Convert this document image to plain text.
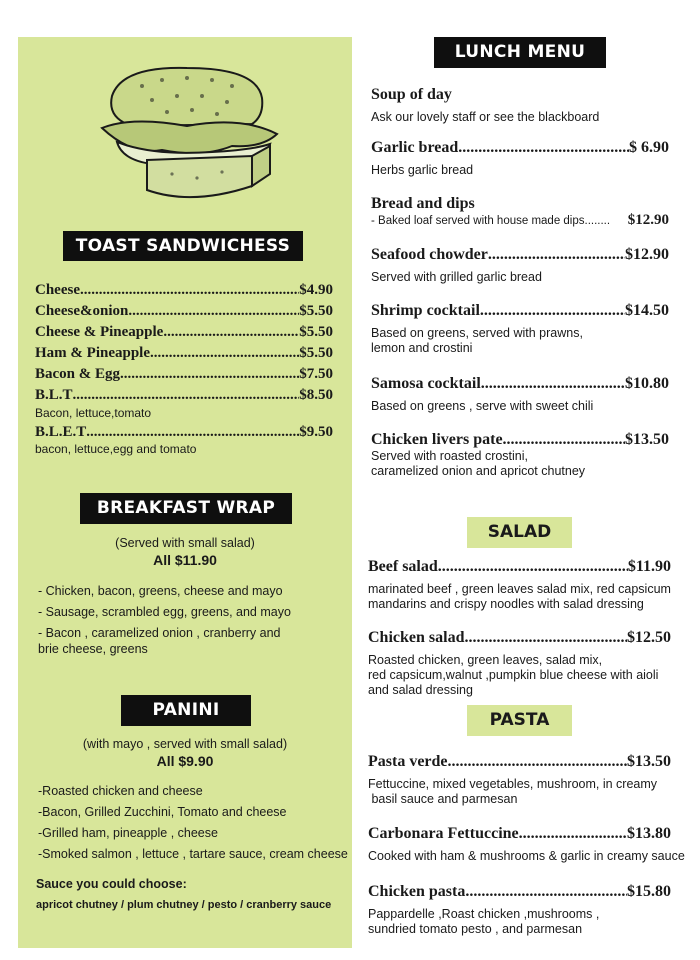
TOAST SANDWICHESS
Cheese .....	$4.90
Cheese&onion .....	$5.50
Cheese & Pineapple .....	$5.50
Ham & Pineapple .....	$5.50
Bacon & Egg .....	$7.50
B.L.T .....	$8.50
Bacon, lettuce,tomato
B.L.E.T .....	$9.50
bacon, lettuce,egg and tomato
BREAKFAST WRAP
(Served with small salad)
All $11.90
- Chicken, bacon, greens, cheese and mayo
- Sausage, scrambled egg, greens, and mayo
- Bacon , caramelized onion , cranberry and
brie cheese, greens
PANINI
(with mayo , served with small salad)
All $9.90
-Roasted chicken and cheese
-Bacon, Grilled Zucchini, Tomato and cheese
-Grilled ham, pineapple , cheese
-Smoked salmon , lettuce , tartare sauce, cream cheese
Sauce you could choose:
apricot chutney / plum chutney / pesto / cranberry sauce
LUNCH MENU
Soup of day
Ask our lovely staff or see the blackboard
Garlic bread .....	$ 6.90
Herbs garlic bread
Bread and dips
- Baked loaf served with house made dips........ $12.90
Seafood chowder .....	$12.90
Served with grilled garlic bread
Shrimp cocktail .....	$14.50
Based on greens, served with prawns,
lemon and crostini
Samosa cocktail .....	$10.80
Based on greens , serve with sweet chili
Chicken livers pate .....	$13.50
Served with roasted crostini,
caramelized onion and apricot chutney
SALAD
Beef salad .....	$11.90
marinated beef , green leaves salad mix, red capsicum
mandarins and crispy noodles with salad dressing
Chicken salad .....	$12.50
Roasted chicken, green leaves, salad mix,
red capsicum,walnut ,pumpkin blue cheese with aioli
and salad dressing
PASTA
Pasta verde .....	$13.50
Fettuccine, mixed vegetables, mushroom, in creamy
basil sauce and parmesan
Carbonara Fettuccine .....	$13.80
Cooked with ham & mushrooms & garlic in creamy sauce
Chicken pasta .....	$15.80
Pappardelle ,Roast chicken ,mushrooms ,
sundried tomato pesto , and parmesan
